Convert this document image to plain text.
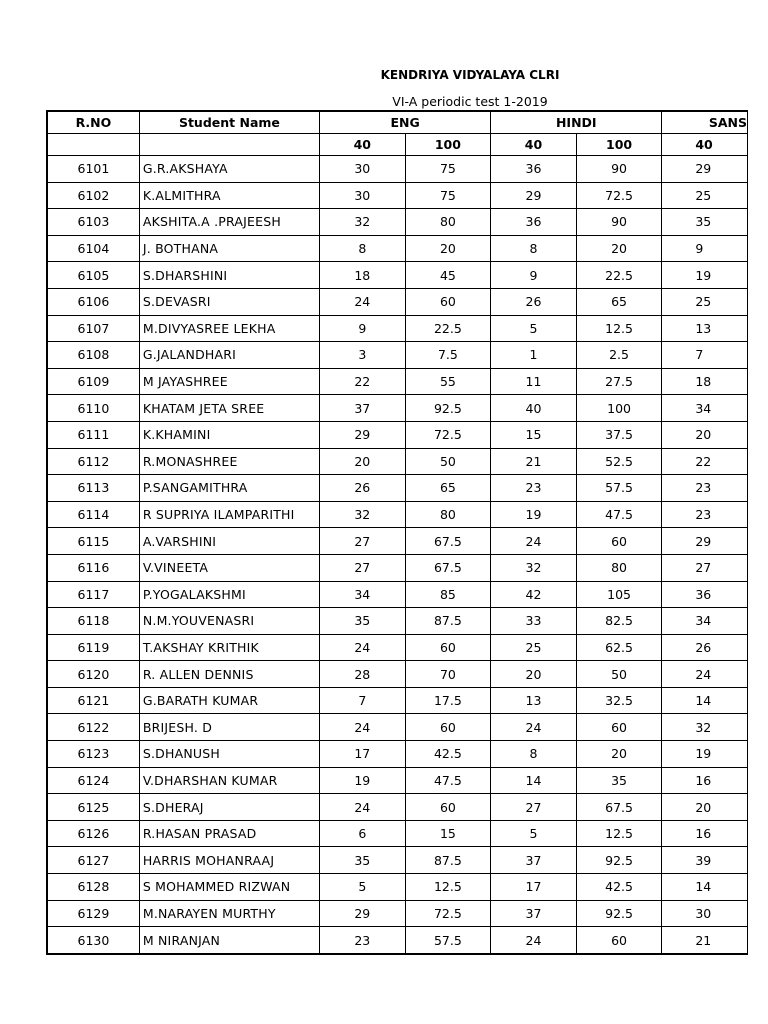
KENDRIYA VIDYALAYA CLRI
VI-A periodic test 1-2019
R.NO	Student Name	ENG		HINDI		SANS
		40	100	40	100	40
6101	G.R.AKSHAYA	30	75	36	90	29
6102	K.ALMITHRA	30	75	29	72.5	25
6103	AKSHITA.A .PRAJEESH	32	80	36	90	35
6104	J. BOTHANA	8	20	8	20	9
6105	S.DHARSHINI	18	45	9	22.5	19
6106	S.DEVASRI	24	60	26	65	25
6107	M.DIVYASREE LEKHA	9	22.5	5	12.5	13
6108	G.JALANDHARI	3	7.5	1	2.5	7
6109	M JAYASHREE	22	55	11	27.5	18
6110	KHATAM JETA SREE	37	92.5	40	100	34
6111	K.KHAMINI	29	72.5	15	37.5	20
6112	R.MONASHREE	20	50	21	52.5	22
6113	P.SANGAMITHRA	26	65	23	57.5	23
6114	R SUPRIYA ILAMPARITHI	32	80	19	47.5	23
6115	A.VARSHINI	27	67.5	24	60	29
6116	V.VINEETA	27	67.5	32	80	27
6117	P.YOGALAKSHMI	34	85	42	105	36
6118	N.M.YOUVENASRI	35	87.5	33	82.5	34
6119	T.AKSHAY KRITHIK	24	60	25	62.5	26
6120	R. ALLEN DENNIS	28	70	20	50	24
6121	G.BARATH KUMAR	7	17.5	13	32.5	14
6122	BRIJESH. D	24	60	24	60	32
6123	S.DHANUSH	17	42.5	8	20	19
6124	V.DHARSHAN KUMAR	19	47.5	14	35	16
6125	S.DHERAJ	24	60	27	67.5	20
6126	R.HASAN PRASAD	6	15	5	12.5	16
6127	HARRIS MOHANRAAJ	35	87.5	37	92.5	39
6128	S MOHAMMED RIZWAN	5	12.5	17	42.5	14
6129	M.NARAYEN MURTHY	29	72.5	37	92.5	30
6130	M NIRANJAN	23	57.5	24	60	21
